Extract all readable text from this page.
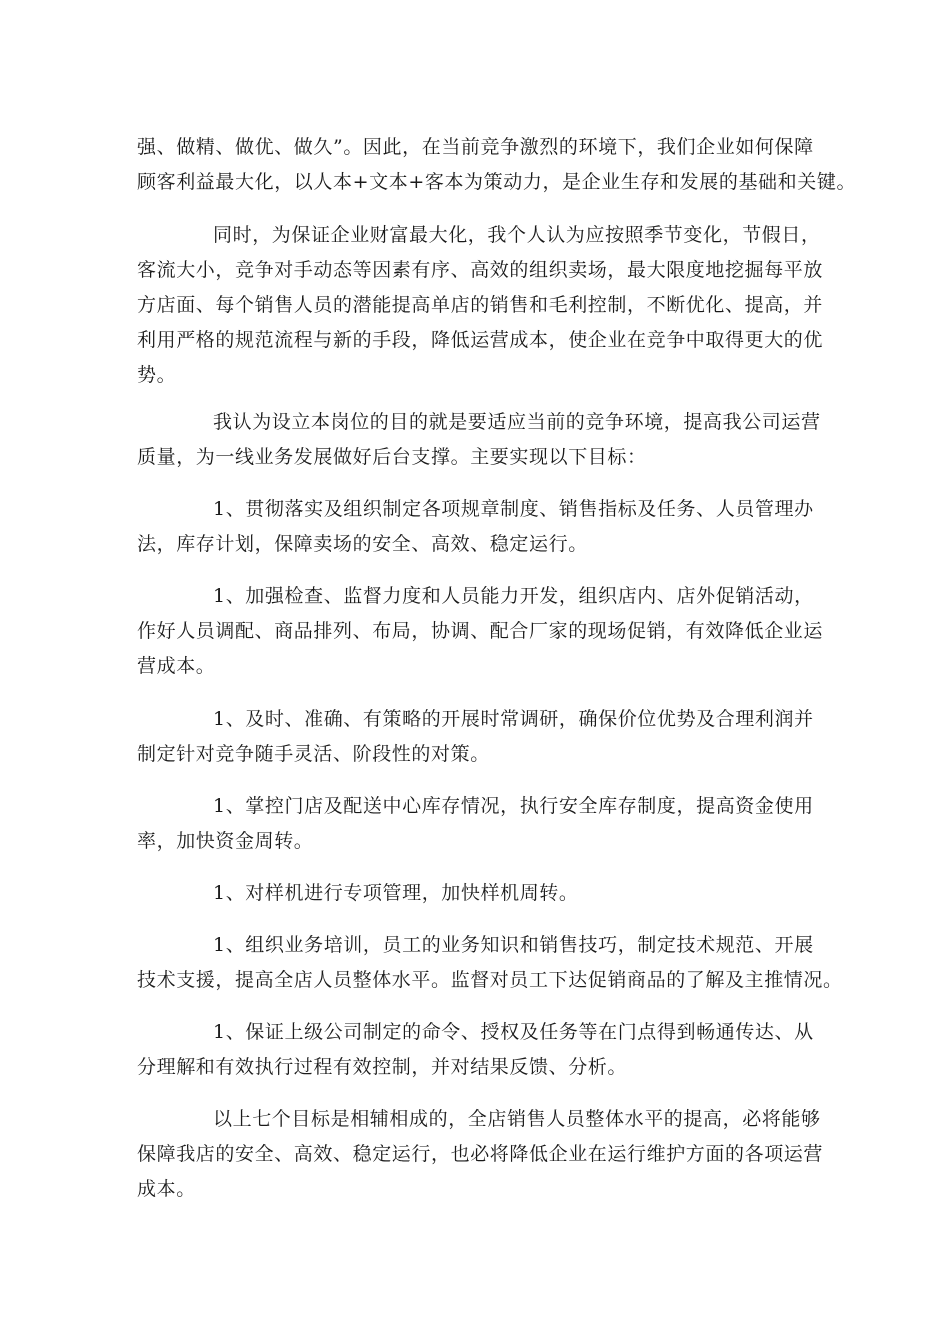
强、做精、做优、做久”。因此，在当前竞争激烈的环境下，我们企业如何保障
顾客利益最大化，以人本+文本+客本为策动力，是企业生存和发展的基础和关键。

同时，为保证企业财富最大化，我个人认为应按照季节变化，节假日，
客流大小，竞争对手动态等因素有序、高效的组织卖场，最大限度地挖掘每平放
方店面、每个销售人员的潜能提高单店的销售和毛利控制，不断优化、提高，并
利用严格的规范流程与新的手段，降低运营成本，使企业在竞争中取得更大的优
势。

我认为设立本岗位的目的就是要适应当前的竞争环境，提高我公司运营
质量，为一线业务发展做好后台支撑。主要实现以下目标：

1、贯彻落实及组织制定各项规章制度、销售指标及任务、人员管理办
法，库存计划，保障卖场的安全、高效、稳定运行。

1、加强检查、监督力度和人员能力开发，组织店内、店外促销活动，
作好人员调配、商品排列、布局，协调、配合厂家的现场促销，有效降低企业运
营成本。

1、及时、准确、有策略的开展时常调研，确保价位优势及合理利润并
制定针对竞争随手灵活、阶段性的对策。

1、掌控门店及配送中心库存情况，执行安全库存制度，提高资金使用
率，加快资金周转。

1、对样机进行专项管理，加快样机周转。

1、组织业务培训，员工的业务知识和销售技巧，制定技术规范、开展
技术支援，提高全店人员整体水平。监督对员工下达促销商品的了解及主推情况。

1、保证上级公司制定的命令、授权及任务等在门点得到畅通传达、从
分理解和有效执行过程有效控制，并对结果反馈、分析。

以上七个目标是相辅相成的，全店销售人员整体水平的提高，必将能够
保障我店的安全、高效、稳定运行，也必将降低企业在运行维护方面的各项运营
成本。
